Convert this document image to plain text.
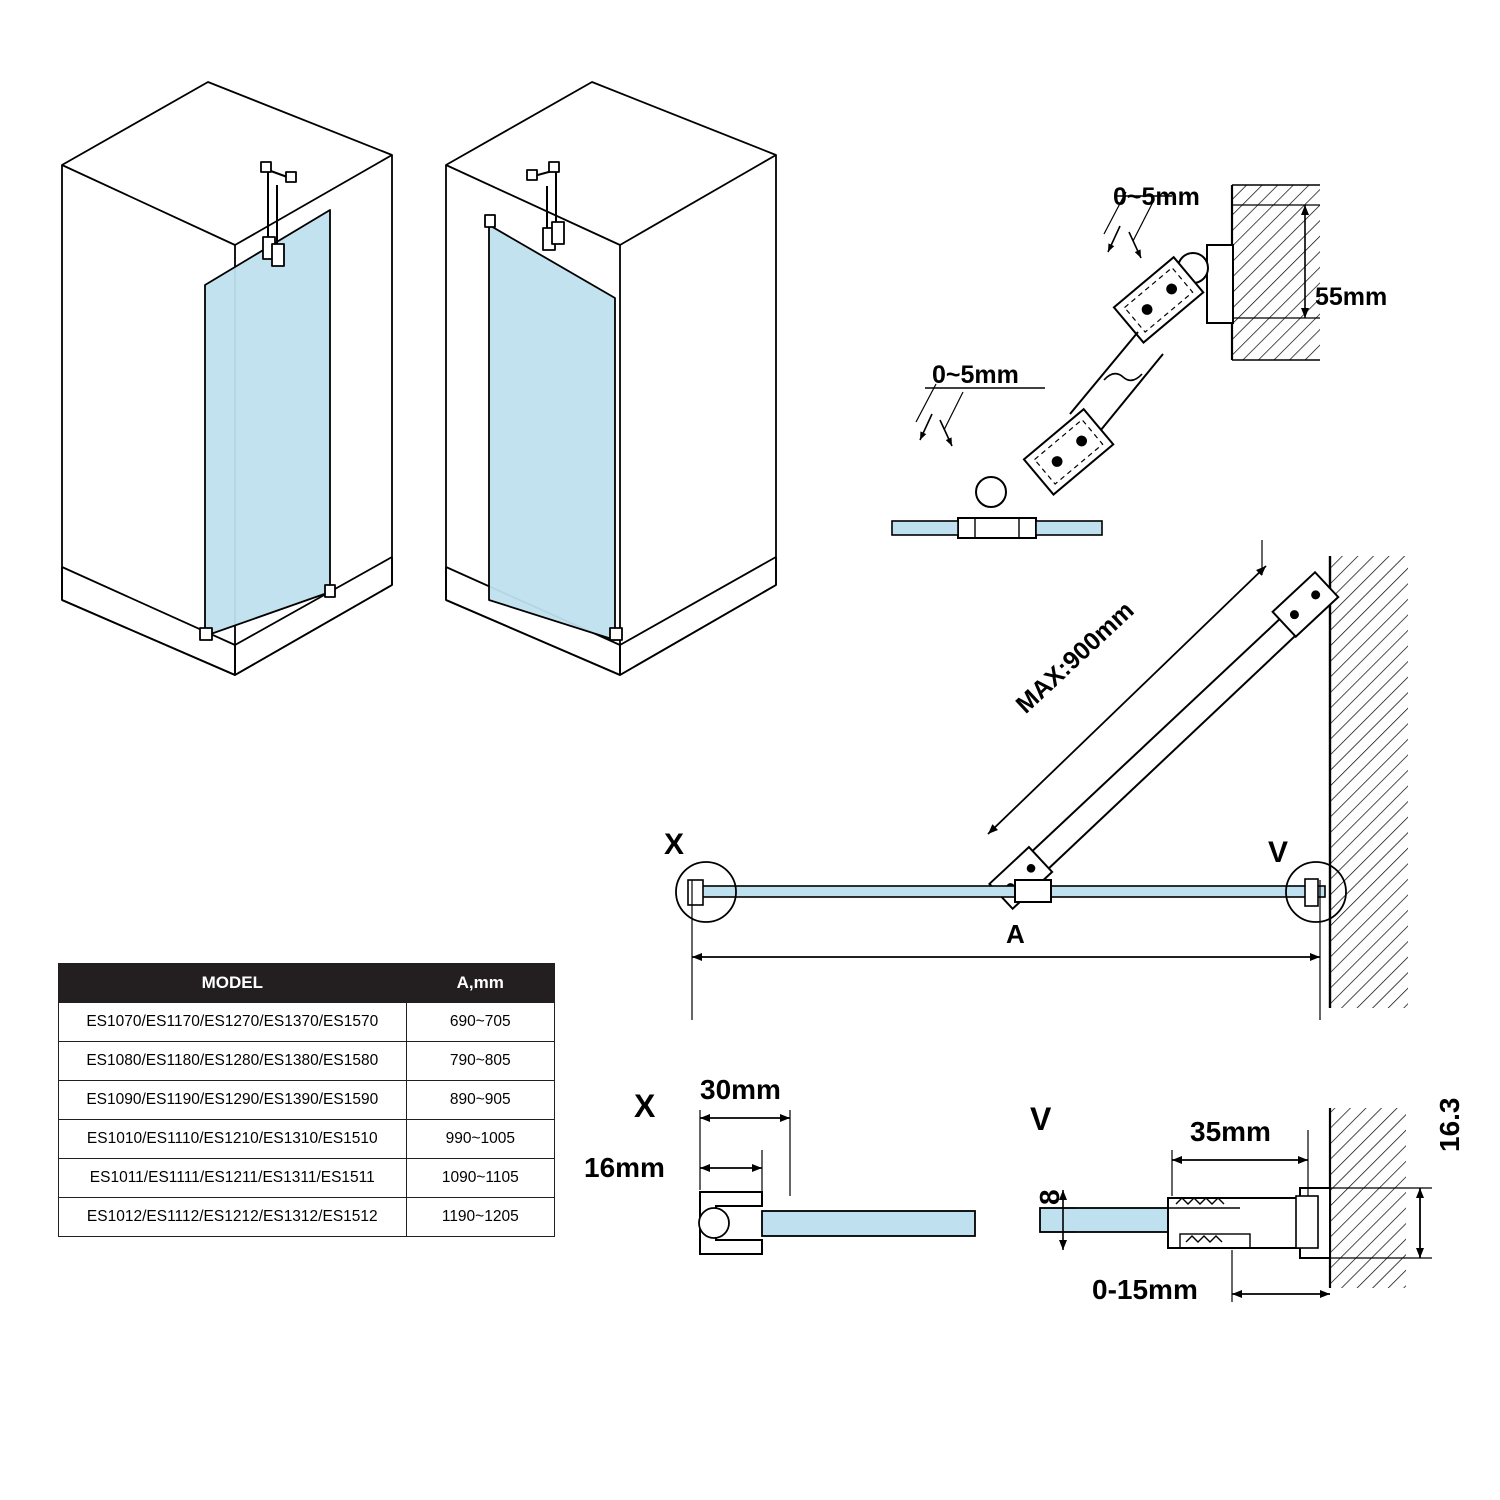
0~5mm
0~5mm
55mm
MAX:900mm
A
X	V
X	V
30mm
16mm
35mm	16.3
8
0-15mm
MODEL	A,mm
ES1070/ES1170/ES1270/ES1370/ES1570	690~705
ES1080/ES1180/ES1280/ES1380/ES1580	790~805
ES1090/ES1190/ES1290/ES1390/ES1590	890~905
ES1010/ES1110/ES1210/ES1310/ES1510	990~1005
ES1011/ES1111/ES1211/ES1311/ES1511	1090~1105
ES1012/ES1112/ES1212/ES1312/ES1512	1190~1205
